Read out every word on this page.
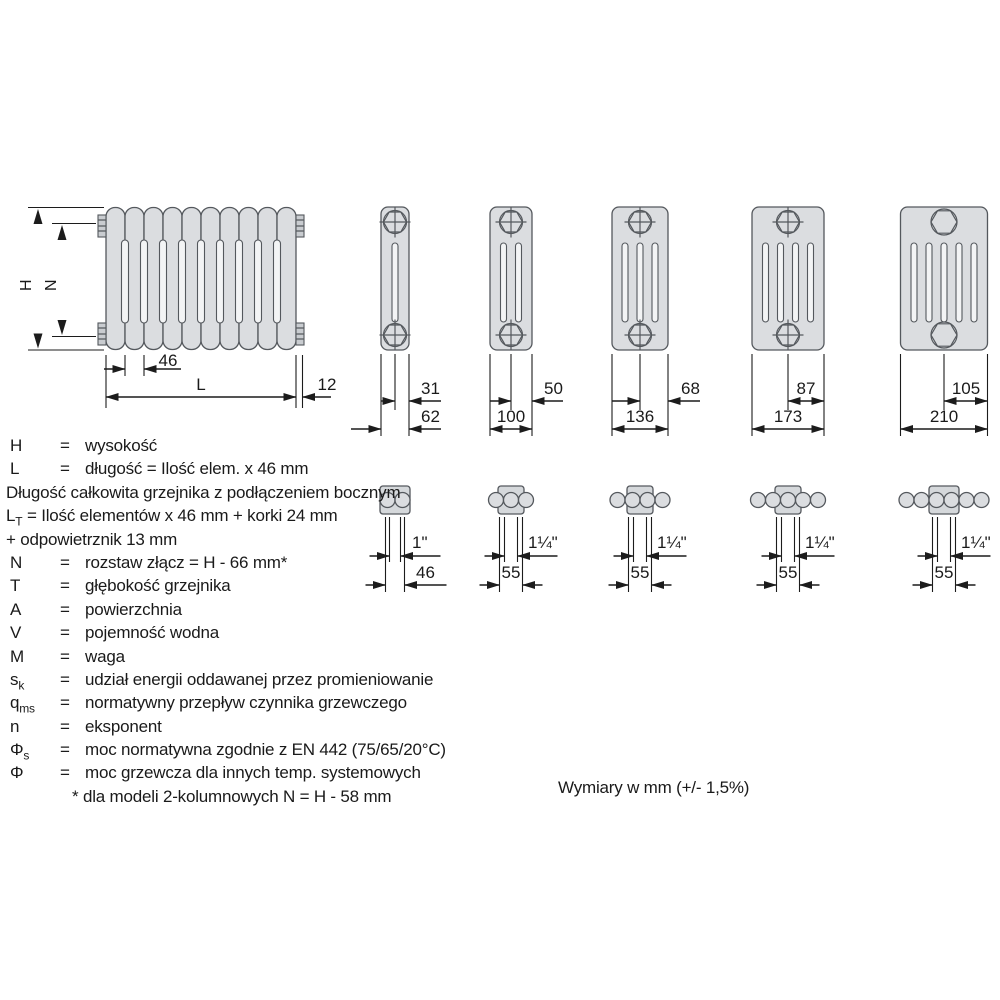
H N
46
L	12	31
62
1"
46
50
100
1¼"
55
68
136
1¼"
55
87
173
1¼"
55
105
210
1¼"
55
H	= wysokość
L	= długość = Ilość elem. x 46 mm
Długość całkowita grzejnika z podłączeniem bocznym
$L_T$ = Ilość elementów x 46 mm + korki 24 mm
+ odpowietrznik 13 mm
N	= rozstaw złącz = H - 66 mm*
T	= głębokość grzejnika
A	= powierzchnia
V	= pojemność wodna
M	= waga
$s_k$	= udział energii oddawanej przez promieniowanie
$q_{ms}$	= normatywny przepływ czynnika grzewczego
n	= eksponent
$\Phi_s$	= moc normatywna zgodnie z EN 442 (75/65/20°C)
Φ	= moc grzewcza dla innych temp. systemowych
* dla modeli 2-kolumnowych N = H - 58 mm	Wymiary w mm (+/- 1,5%)
